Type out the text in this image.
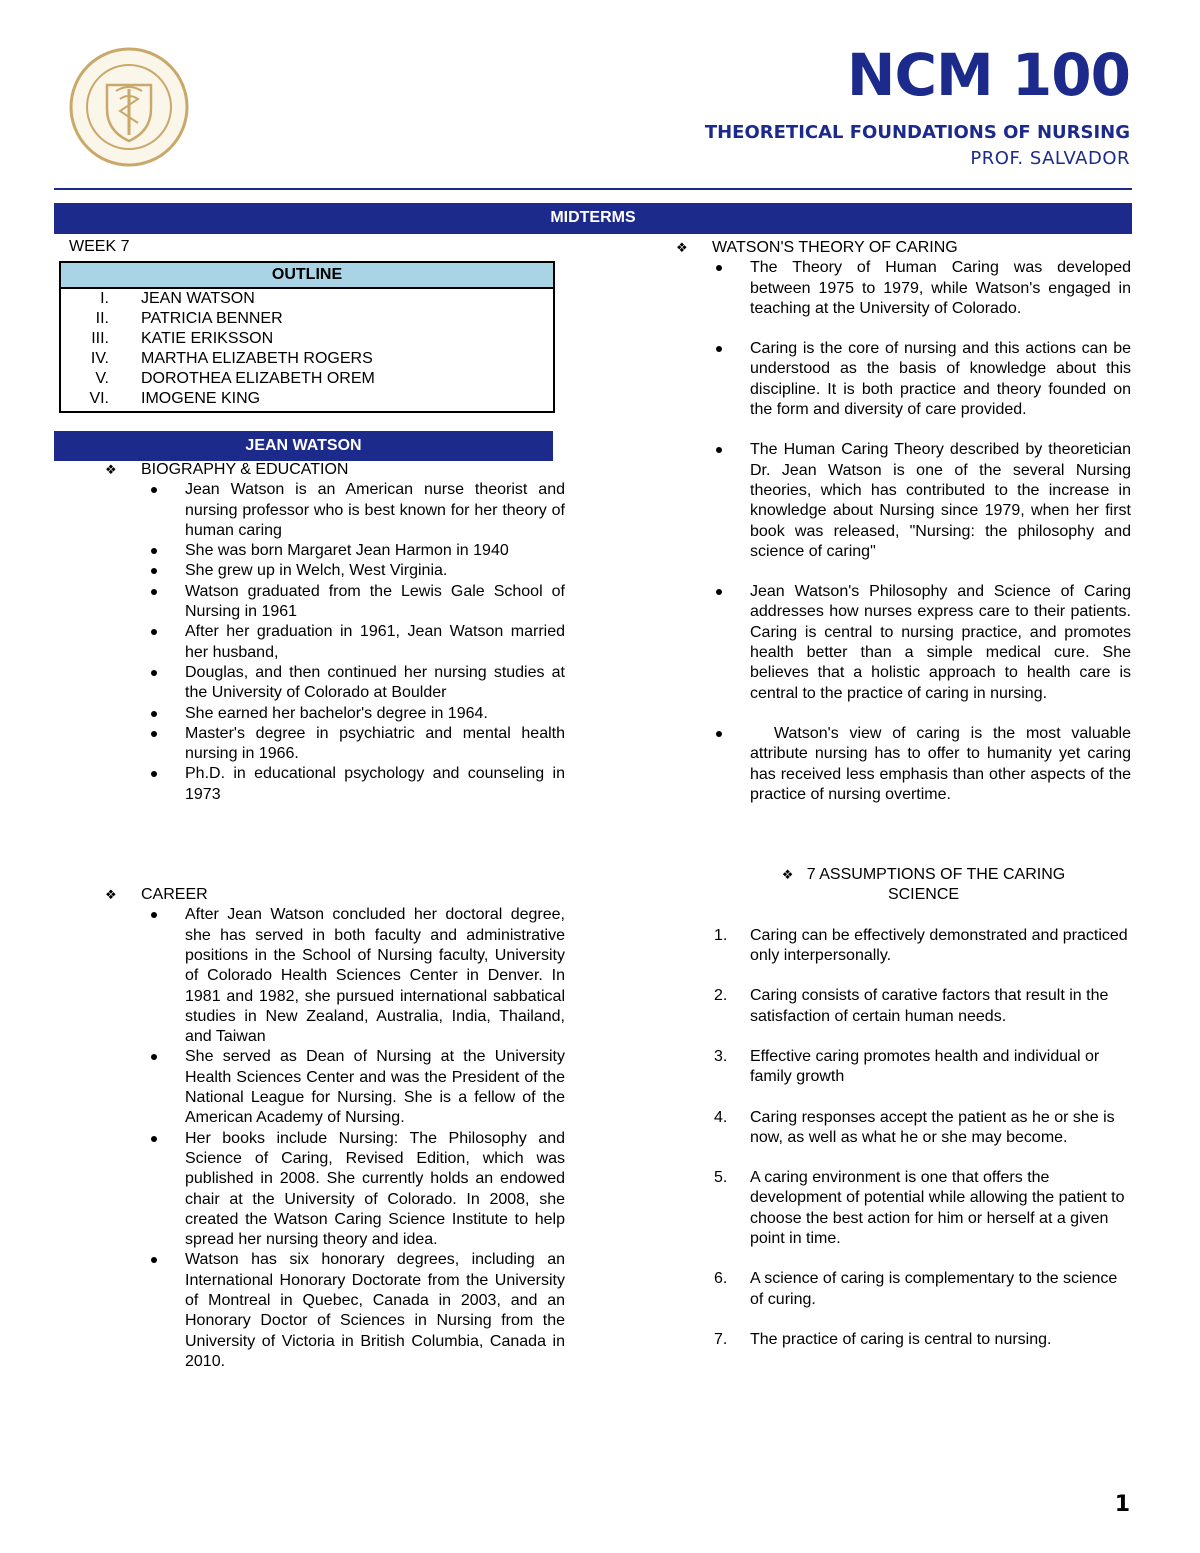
NCM 100
THEORETICAL FOUNDATIONS OF NURSING
PROF. SALVADOR
MIDTERMS
WEEK 7
OUTLINE
I. JEAN WATSON
II. PATRICIA BENNER
III. KATIE ERIKSSON
IV. MARTHA ELIZABETH ROGERS
V. DOROTHEA ELIZABETH OREM
VI. IMOGENE KING
JEAN WATSON
❖ BIOGRAPHY & EDUCATION
Jean Watson is an American nurse theorist and nursing professor who is best known for her theory of human caring
She was born Margaret Jean Harmon in 1940
She grew up in Welch, West Virginia.
Watson graduated from the Lewis Gale School of Nursing in 1961
After her graduation in 1961, Jean Watson married her husband,
Douglas, and then continued her nursing studies at the University of Colorado at Boulder
She earned her bachelor's degree in 1964.
Master's degree in psychiatric and mental health nursing in 1966.
Ph.D. in educational psychology and counseling in 1973
❖ CAREER
After Jean Watson concluded her doctoral degree, she has served in both faculty and administrative positions in the School of Nursing faculty, University of Colorado Health Sciences Center in Denver. In 1981 and 1982, she pursued international sabbatical studies in New Zealand, Australia, India, Thailand, and Taiwan
She served as Dean of Nursing at the University Health Sciences Center and was the President of the National League for Nursing. She is a fellow of the American Academy of Nursing.
Her books include Nursing: The Philosophy and Science of Caring, Revised Edition, which was published in 2008. She currently holds an endowed chair at the University of Colorado. In 2008, she created the Watson Caring Science Institute to help spread her nursing theory and idea.
Watson has six honorary degrees, including an International Honorary Doctorate from the University of Montreal in Quebec, Canada in 2003, and an Honorary Doctor of Sciences in Nursing from the University of Victoria in British Columbia, Canada in 2010.
❖ WATSON'S THEORY OF CARING
The Theory of Human Caring was developed between 1975 to 1979, while Watson's engaged in teaching at the University of Colorado.
Caring is the core of nursing and this actions can be understood as the basis of knowledge about this discipline. It is both practice and theory founded on the form and diversity of care provided.
The Human Caring Theory described by theoretician Dr. Jean Watson is one of the several Nursing theories, which has contributed to the increase in knowledge about Nursing since 1979, when her first book was released, "Nursing: the philosophy and science of caring"
Jean Watson's Philosophy and Science of Caring addresses how nurses express care to their patients. Caring is central to nursing practice, and promotes health better than a simple medical cure. She believes that a holistic approach to health care is central to the practice of caring in nursing.
Watson's view of caring is the most valuable attribute nursing has to offer to humanity yet caring has received less emphasis than other aspects of the practice of nursing overtime.
❖ 7 ASSUMPTIONS OF THE CARING
SCIENCE
1. Caring can be effectively demonstrated and practiced only interpersonally.
2. Caring consists of carative factors that result in the satisfaction of certain human needs.
3. Effective caring promotes health and individual or family growth
4. Caring responses accept the patient as he or she is now, as well as what he or she may become.
5. A caring environment is one that offers the development of potential while allowing the patient to choose the best action for him or herself at a given point in time.
6. A science of caring is complementary to the science of curing.
7. The practice of caring is central to nursing.
1
